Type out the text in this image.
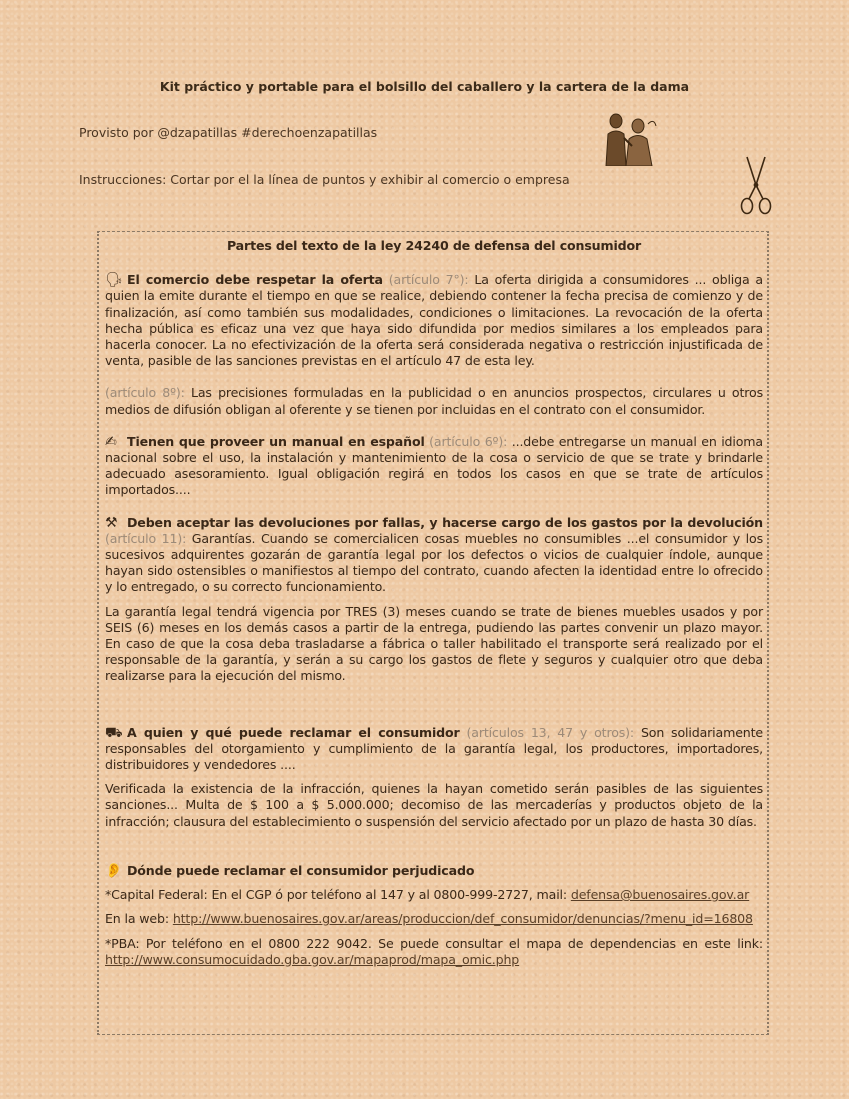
Kit práctico y portable para el bolsillo del caballero y la cartera de la dama
Provisto por @dzapatillas #derechoenzapatillas
Instrucciones: Cortar por el la línea de puntos y exhibir al comercio o empresa

Partes del texto de la ley 24240 de defensa del consumidor

🗣 El comercio debe respetar la oferta (artículo 7°): La oferta dirigida a consumidores ... obliga a quien la emite durante el tiempo en que se realice, debiendo contener la fecha precisa de comienzo y de finalización, así como también sus modalidades, condiciones o limitaciones. La revocación de la oferta hecha pública es eficaz una vez que haya sido difundida por medios similares a los empleados para hacerla conocer. La no efectivización de la oferta será considerada negativa o restricción injustificada de venta, pasible de las sanciones previstas en el artículo 47 de esta ley.

(artículo 8º): Las precisiones formuladas en la publicidad o en anuncios prospectos, circulares u otros medios de difusión obligan al oferente y se tienen por incluidas en el contrato con el consumidor.

✍ Tienen que proveer un manual en español (artículo 6º): ...debe entregarse un manual en idioma nacional sobre el uso, la instalación y mantenimiento de la cosa o servicio de que se trate y brindarle adecuado asesoramiento. Igual obligación regirá en todos los casos en que se trate de artículos importados....

⚒ Deben aceptar las devoluciones por fallas, y hacerse cargo de los gastos por la devolución (artículo 11): Garantías. Cuando se comercialicen cosas muebles no consumibles ...el consumidor y los sucesivos adquirentes gozarán de garantía legal por los defectos o vicios de cualquier índole, aunque hayan sido ostensibles o manifiestos al tiempo del contrato, cuando afecten la identidad entre lo ofrecido y lo entregado, o su correcto funcionamiento.

La garantía legal tendrá vigencia por TRES (3) meses cuando se trate de bienes muebles usados y por SEIS (6) meses en los demás casos a partir de la entrega, pudiendo las partes convenir un plazo mayor. En caso de que la cosa deba trasladarse a fábrica o taller habilitado el transporte será realizado por el responsable de la garantía, y serán a su cargo los gastos de flete y seguros y cualquier otro que deba realizarse para la ejecución del mismo.

⛟ A quien y qué puede reclamar el consumidor (artículos 13, 47 y otros): Son solidariamente responsables del otorgamiento y cumplimiento de la garantía legal, los productores, importadores, distribuidores y vendedores ....

Verificada la existencia de la infracción, quienes la hayan cometido serán pasibles de las siguientes sanciones... Multa de $ 100 a $ 5.000.000; decomiso de las mercaderías y productos objeto de la infracción; clausura del establecimiento o suspensión del servicio afectado por un plazo de hasta 30 días.

👂 Dónde puede reclamar el consumidor perjudicado

*Capital Federal: En el CGP ó por teléfono al 147 y al 0800-999-2727, mail: defensa@buenosaires.gov.ar

En la web: http://www.buenosaires.gov.ar/areas/produccion/def_consumidor/denuncias/?menu_id=16808

*PBA: Por teléfono en el 0800 222 9042. Se puede consultar el mapa de dependencias en este link: http://www.consumocuidado.gba.gov.ar/mapaprod/mapa_omic.php
